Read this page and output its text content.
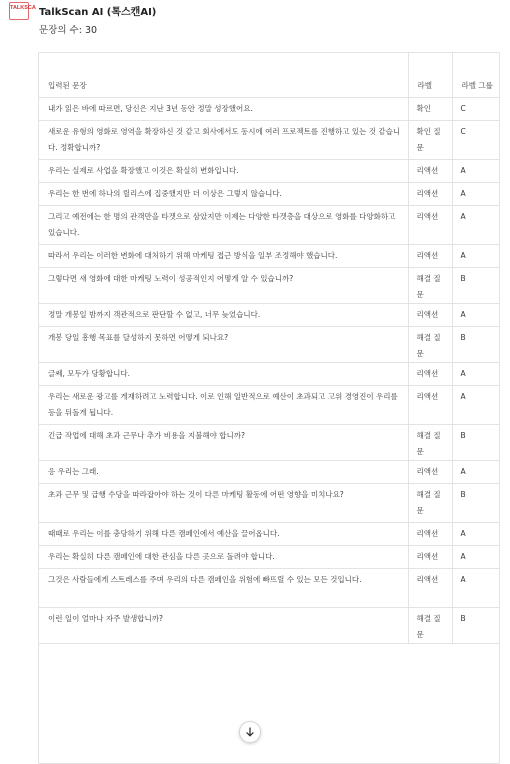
TALKSCA TalkScan AI (톡스캔AI)
문장의 수: 30
입력된 문장	라벨	라벨 그룹
내가 읽은 바에 따르면, 당신은 지난 3년 동안 정말 성장했어요.	확인	C
새로운 유형의 영화로 영역을 확장하신 것 같고 회사에서도 동시에 여러 프로젝트를 진행하고 있는 것 같습니다. 정확합니까?	확인 질문	C
우리는 실제로 사업을 확장했고 이것은 확실히 변화입니다.	리액션	A
우리는 한 번에 하나의 릴리스에 집중했지만 더 이상은 그렇지 않습니다.	리액션	A
그리고 예전에는 한 명의 관객만을 타겟으로 삼았지만 이제는 다양한 타겟층을 대상으로 영화를 다양화하고 있습니다.	리액션	A
따라서 우리는 이러한 변화에 대처하기 위해 마케팅 접근 방식을 일부 조정해야 했습니다.	리액션	A
그렇다면 새 영화에 대한 마케팅 노력이 성공적인지 어떻게 알 수 있습니까?	해결 질문	B
정말 개봉일 밤까지 객관적으로 판단할 수 없고, 너무 늦었습니다.	리액션	A
개봉 당일 흥행 목표를 달성하지 못하면 어떻게 되나요?	해결 질문	B
글쎄, 모두가 당황합니다.	리액션	A
우리는 새로운 광고를 게재하려고 노력합니다. 이로 인해 일반적으로 예산이 초과되고 고위 경영진이 우리를 등을 뒤돌게 됩니다.	리액션	A
긴급 작업에 대해 초과 근무나 추가 비용을 지불해야 합니까?	해결 질문	B
응 우리는 그래.	리액션	A
초과 근무 및 급행 수당을 따라잡아야 하는 것이 다른 마케팅 활동에 어떤 영향을 미치나요?	해결 질문	B
때때로 우리는 이를 충당하기 위해 다른 캠페인에서 예산을 끌어옵니다.	리액션	A
우리는 확실히 다른 캠페인에 대한 관심을 다른 곳으로 돌려야 합니다.	리액션	A
그것은 사람들에게 스트레스를 주며 우리의 다른 캠페인을 위험에 빠뜨릴 수 있는 모든 것입니다.	리액션	A
이런 일이 얼마나 자주 발생합니까?	해결 질문	B
